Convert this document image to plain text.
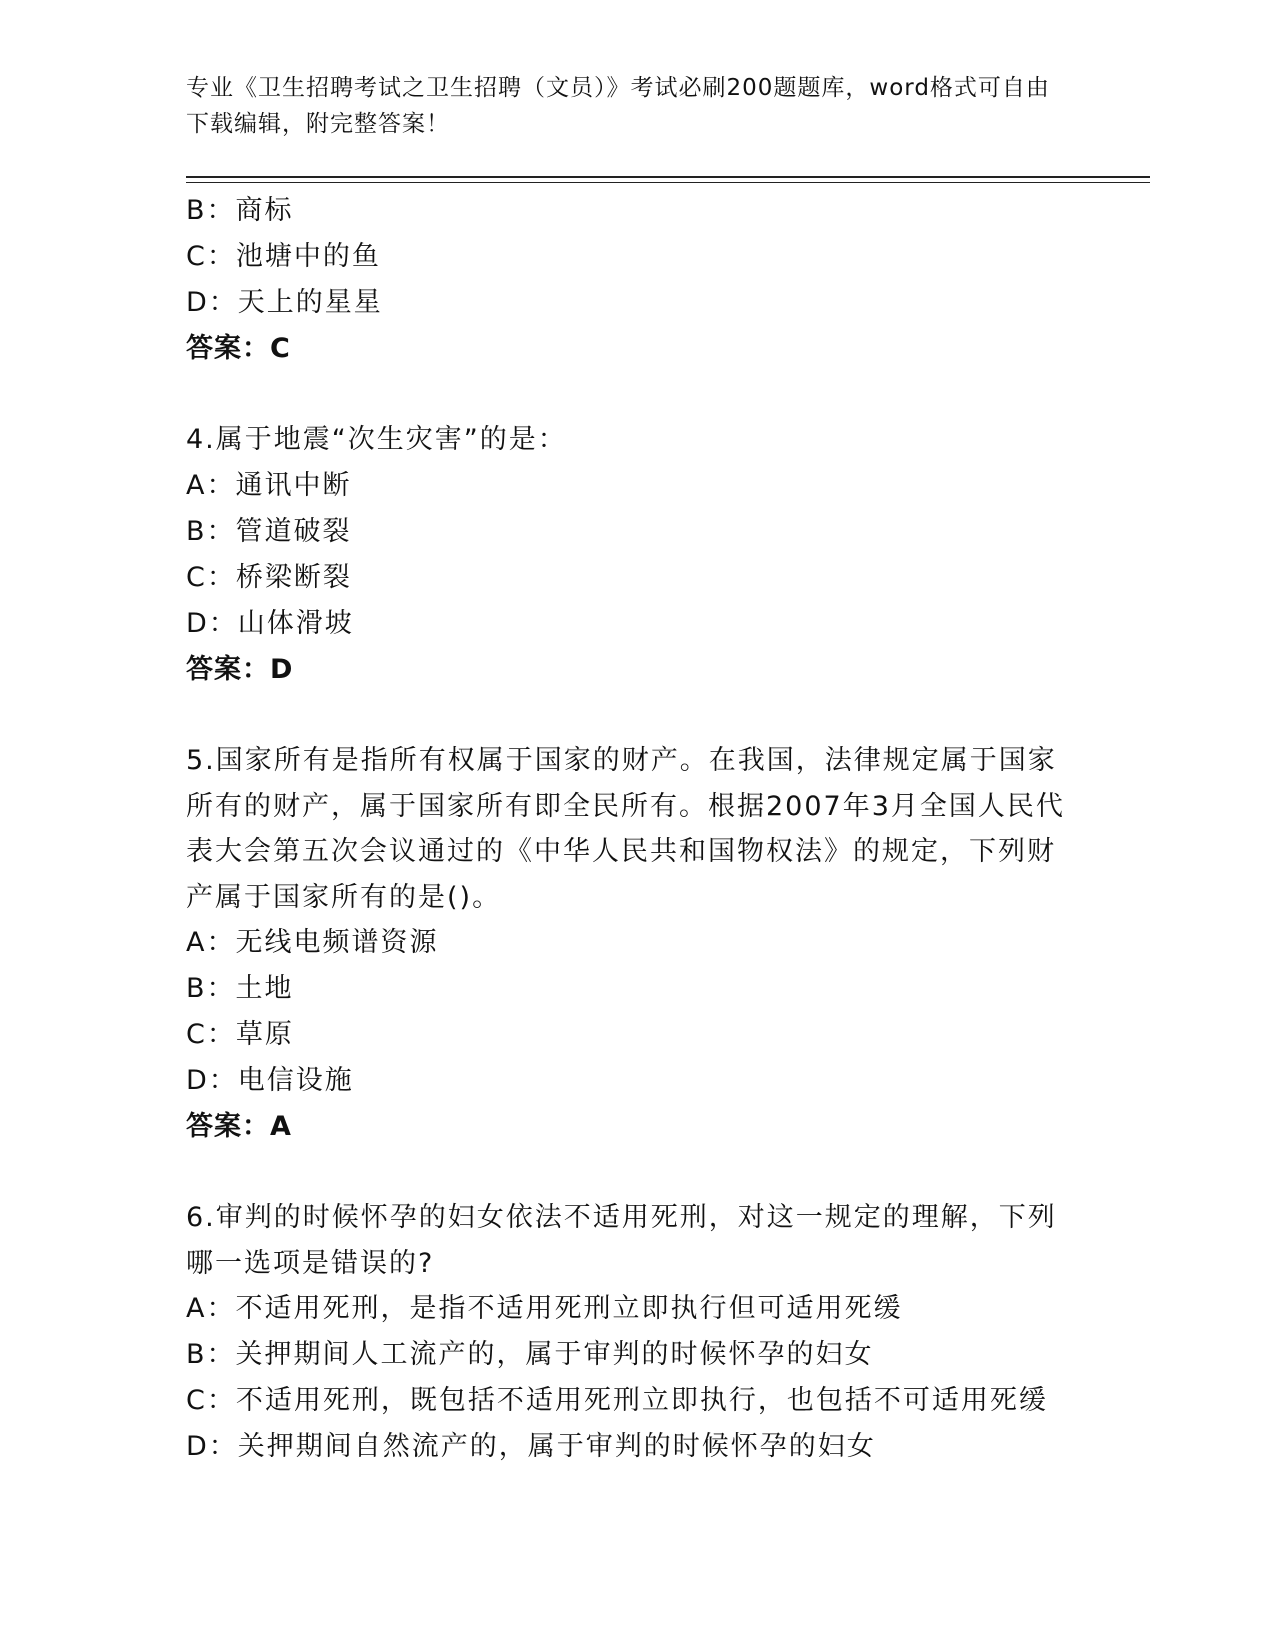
专业《卫生招聘考试之卫生招聘（文员）》考试必刷200题题库，word格式可自由下载编辑，附完整答案！
B：商标
C：池塘中的鱼
D：天上的星星
答案：C
4.属于地震“次生灾害”的是：
A：通讯中断
B：管道破裂
C：桥梁断裂
D：山体滑坡
答案：D
5.国家所有是指所有权属于国家的财产。在我国，法律规定属于国家所有的财产，属于国家所有即全民所有。根据2007年3月全国人民代表大会第五次会议通过的《中华人民共和国物权法》的规定，下列财产属于国家所有的是()。
A：无线电频谱资源
B：土地
C：草原
D：电信设施
答案：A
6.审判的时候怀孕的妇女依法不适用死刑，对这一规定的理解，下列哪一选项是错误的?
A：不适用死刑，是指不适用死刑立即执行但可适用死缓
B：关押期间人工流产的，属于审判的时候怀孕的妇女
C：不适用死刑，既包括不适用死刑立即执行，也包括不可适用死缓
D：关押期间自然流产的，属于审判的时候怀孕的妇女
